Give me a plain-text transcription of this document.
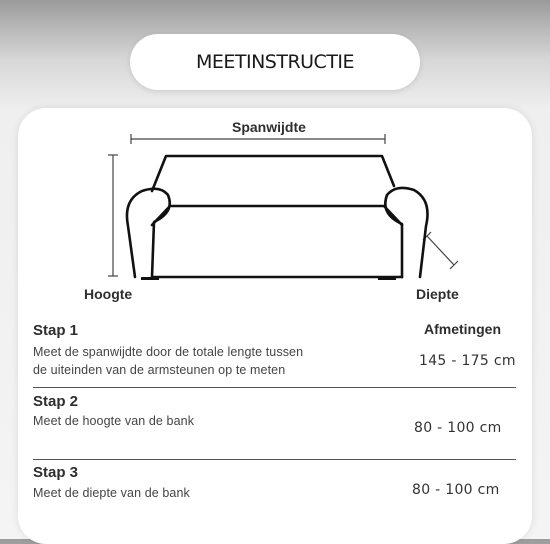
MEETINSTRUCTIE
Spanwijdte
Hoogte	Diepte
Afmetingen
Stap 1
Meet de spanwijdte door de totale lengte tussen
de uiteinden van de armsteunen op te meten
145 - 175 cm
Stap 2
Meet de hoogte van de bank	80 - 100 cm
Stap 3
Meet de diepte van de bank	80 - 100 cm
